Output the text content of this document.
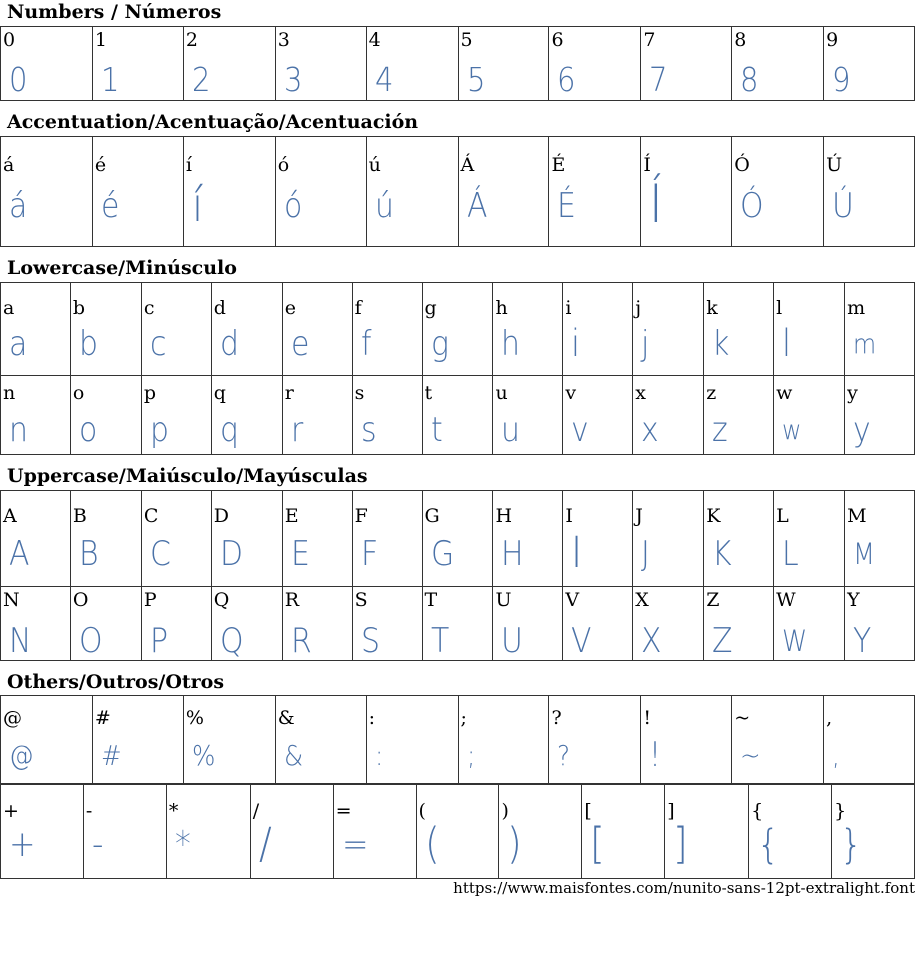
Numbers / Números
0
0
1
1
2
2
3
3
4
4
5
5
6
6
7
7
8
8
9
9
Accentuation/Acentuação/Acentuación
á
á
é
é
í
í
ó
ó
ú
ú
Á
Á
É
É
Í
Í
Ó
Ó
Ú
Ú
Lowercase/Minúsculo
a
a
b
b
c
c
d
d
e
e
f
f
g
g
h
h
i
i
j
j
k
k
l
l
m
m
n
n
o
o
p
p
q
q
r
r
s
s
t
t
u
u
v
v
x
x
z
z
w
w
y
y
Uppercase/Maiúsculo/Mayúsculas
A
A
B
B
C
C
D
D
E
E
F
F
G
G
H
H
I
I
J
J
K
K
L
L
M
M
N
N
O
O
P
P
Q
Q
R
R
S
S
T
T
U
U
V
V
X
X
Z
Z
W
W
Y
Y
Others/Outros/Otros
@
@
#
#
%
%
&
&
:
:
;
;
?
?
!
!
~
~
,
,
+
+
-
-
*
*
/
/
=
=
(
(
)
)
[
[
]
]
{
{
}
}
https://www.maisfontes.com/nunito-sans-12pt-extralight.font
